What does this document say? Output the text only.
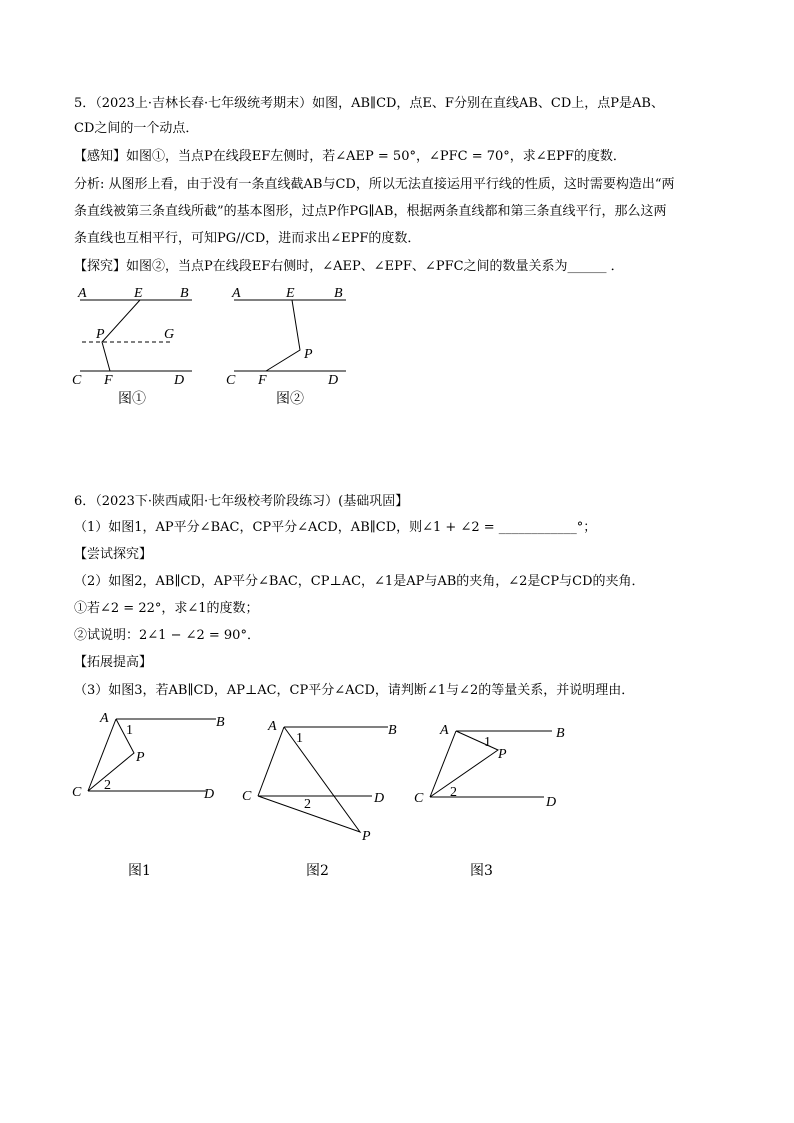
5．（2023上·吉林长春·七年级统考期末）如图，AB∥CD，点E、F分别在直线AB、CD上，点P是AB、
CD之间的一个动点．
【感知】如图①，当点P在线段EF左侧时，若∠AEP = 50°，∠PFC = 70°，求∠EPF的度数．
分析: 从图形上看，由于没有一条直线截AB与CD，所以无法直接运用平行线的性质，这时需要构造出“两
条直线被第三条直线所截”的基本图形，过点P作PG∥AB，根据两条直线都和第三条直线平行，那么这两
条直线也互相平行，可知PG//CD，进而求出∠EPF的度数．
【探究】如图②，当点P在线段EF右侧时，∠AEP、∠EPF、∠PFC之间的数量关系为______ ．
A	E	B
P	G
C F	D
图①
A	E	B
P
C F	D
图②
6．（2023下·陕西咸阳·七年级校考阶段练习）(基础巩固】
（1）如图1，AP平分∠BAC，CP平分∠ACD，AB∥CD，则∠1 + ∠2 = ____________°；
【尝试探究】
（2）如图2，AB∥CD，AP平分∠BAC，CP⊥AC，∠1是AP与AB的夹角，∠2是CP与CD的夹角．
①若∠2 = 22°，求∠1的度数；
②试说明：2∠1 − ∠2 = 90°．
【拓展提高】
（3）如图3，若AB∥CD，AP⊥AC，CP平分∠ACD，请判断∠1与∠2的等量关系，并说明理由．
A	B
1
P
2
C	D
图1
A	B
1
C	D
2
P
图2
A	B
1
P
2
C	D
图3
